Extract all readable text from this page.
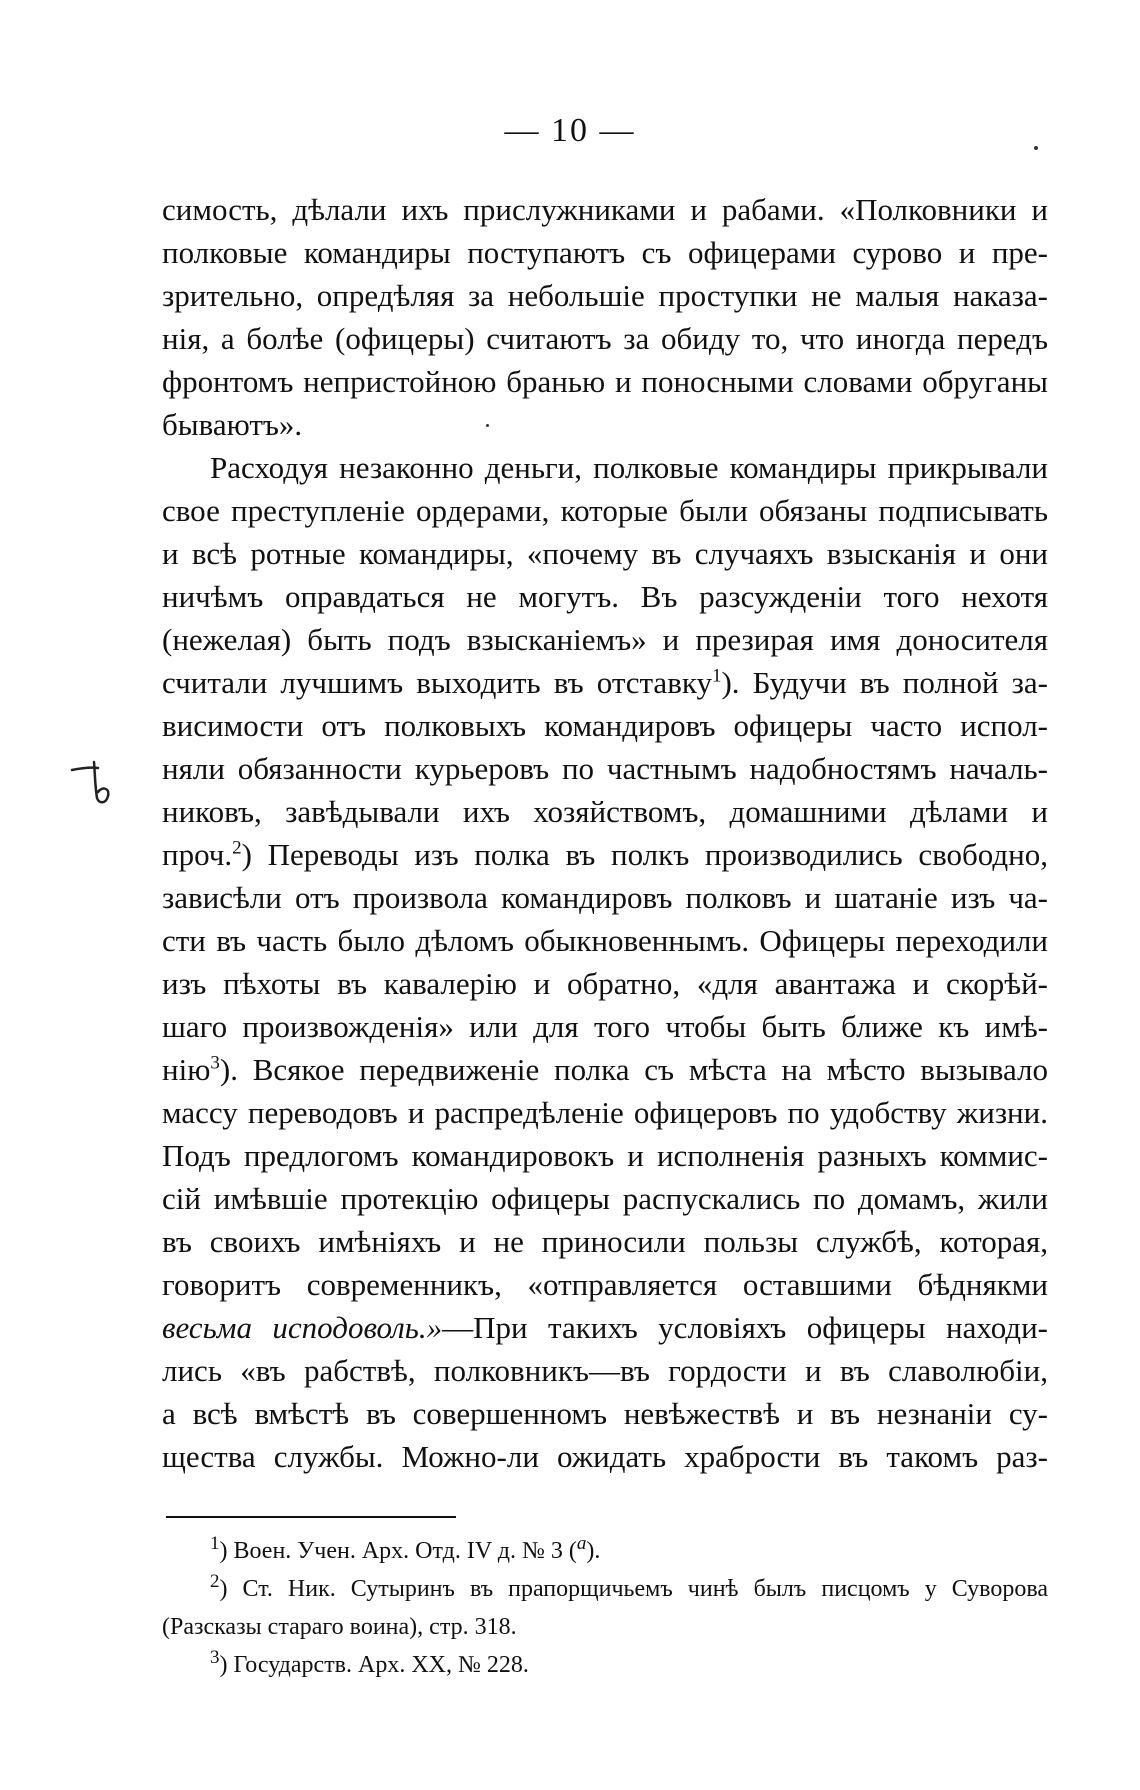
— 10 —
симость, дѣлали ихъ прислужниками и рабами. «Полковники и
полковые командиры поступаютъ съ офицерами сурово и пре-
зрительно, опредѣляя за небольшіе проступки не малыя наказа-
нія, а болѣе (офицеры) считаютъ за обиду то, что иногда передъ
фронтомъ непристойною бранью и поносными словами обруганы
бываютъ».
Расходуя незаконно деньги, полковые командиры прикрывали
свое преступленіе ордерами, которые были обязаны подписывать
и всѣ ротные командиры, «почему въ случаяхъ взысканія и они
ничѣмъ оправдаться не могутъ. Въ разсужденіи того нехотя
(нежелая) быть подъ взысканіемъ» и презирая имя доносителя
считали лучшимъ выходить въ отставку$^1$). Будучи въ полной за-
висимости отъ полковыхъ командировъ офицеры часто испол-
няли обязанности курьеровъ по частнымъ надобностямъ началь-
никовъ, завѣдывали ихъ хозяйствомъ, домашними дѣлами и
проч.$^2$) Переводы изъ полка въ полкъ производились свободно,
зависѣли отъ произвола командировъ полковъ и шатаніе изъ ча-
сти въ часть было дѣломъ обыкновеннымъ. Офицеры переходили
изъ пѣхоты въ кавалерію и обратно, «для авантажа и скорѣй-
шаго произвожденія» или для того чтобы быть ближе къ имѣ-
нію$^3$). Всякое передвиженіе полка съ мѣста на мѣсто вызывало
массу переводовъ и распредѣленіе офицеровъ по удобству жизни.
Подъ предлогомъ командировокъ и исполненія разныхъ коммис-
сій имѣвшіе протекцію офицеры распускались по домамъ, жили
въ своихъ имѣніяхъ и не приносили пользы службѣ, которая,
говоритъ современникъ, «отправляется оставшими бѣднякми
весьма исподоволь.»—При такихъ условіяхъ офицеры находи-
лись «въ рабствѣ, полковникъ—въ гордости и въ славолюбіи,
а всѣ вмѣстѣ въ совершенномъ невѣжествѣ и въ незнаніи су-
щества службы. Можно-ли ожидать храбрости въ такомъ раз-
$^1$) Воен. Учен. Арх. Отд. IV д. № 3 ($^a$).
$^2$) Ст. Ник. Сутыринъ въ прапорщичьемъ чинѣ былъ писцомъ у Суворова
(Разсказы стараго воина), стр. 318.
$^3$) Государств. Арх. XX, № 228.
